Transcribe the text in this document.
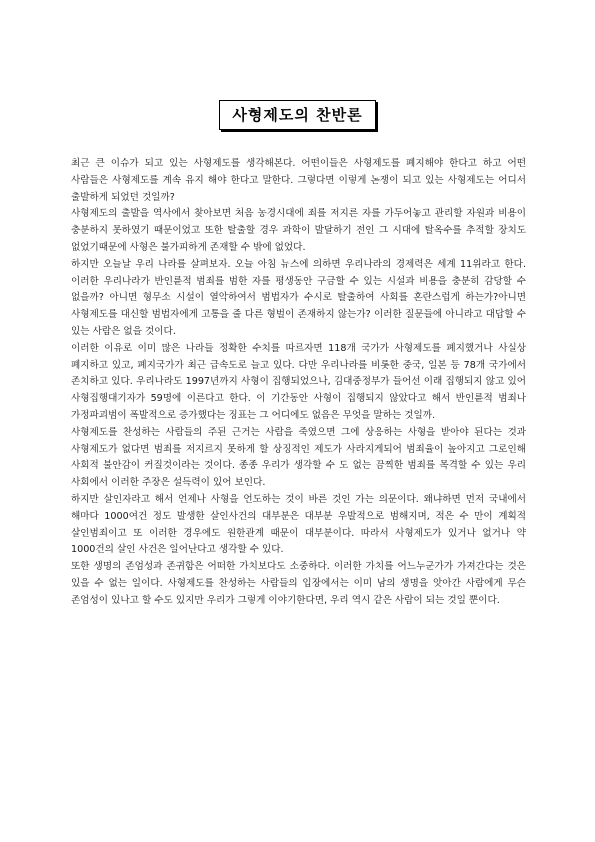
사형제도의 찬반론

최근 큰 이슈가 되고 있는 사형제도를 생각해본다. 어떤이들은 사형제도를 폐지해야 한다고 하고 어떤 사람들은 사형제도를 계속 유지 해야 한다고 말한다. 그렇다면 이렇게 논쟁이 되고 있는 사형제도는 어디서 출발하게 되었던 것일까?

사형제도의 출발을 역사에서 찾아보면 처음 농경시대에 죄를 저지른 자를 가두어놓고 관리할 자원과 비용이 충분하지 못하였기 때문이었고 또한 탈출할 경우 과학이 발달하기 전인 그 시대에 탈옥수를 추적할 장치도 없었기때문에 사형은 불가피하게 존재할 수 밖에 없었다.

하지만 오늘날 우리 나라를 살펴보자. 오늘 아침 뉴스에 의하면 우리나라의 경제력은 세계 11위라고 한다. 이러한 우리나라가 반인륜적 범죄를 범한 자를 평생동안 구금할 수 있는 시설과 비용을 충분히 감당할 수 없을까? 아니면 형무소 시설이 열악하여서 범법자가 수시로 탈출하여 사회를 혼란스럽게 하는가?아니면 사형제도를 대신할 범법자에게 고통을 줄 다른 형벌이 존재하지 않는가? 이러한 질문들에 아니라고 대답할 수 있는 사람은 없을 것이다.

이러한 이유로 이미 많은 나라들 정확한 수치를 따르자면 118개 국가가 사형제도를 폐지했거나 사실상 폐지하고 있고, 폐지국가가 최근 급속도로 늘고 있다. 다만 우리나라를 비롯한 중국, 일본 등 78개 국가에서 존치하고 있다. 우리나라도 1997년까지 사형이 집행되었으나, 김대중정부가 들어선 이래 집행되지 않고 있어 사형집행대기자가 59명에 이른다고 한다. 이 기간동안 사형이 집행되지 않았다고 해서 반인륜적 범죄나 가정파괴범이 폭발적으로 증가했다는 징표는 그 어디에도 없음은 무엇을 말하는 것일까.

사형제도를 찬성하는 사람들의 주된 근거는 사람을 죽였으면 그에 상응하는 사형을 받아야 된다는 것과 사형제도가 없다면 범죄를 저지르지 못하게 할 상징적인 제도가 사라지게되어 범죄율이 높아지고 그로인해 사회적 불안감이 커질것이라는 것이다. 종종 우리가 생각할 수 도 없는 끔찍한 범죄를 목격할 수 있는 우리 사회에서 이러한 주장은 설득력이 있어 보인다.

하지만 살인자라고 해서 언제나 사형을 언도하는 것이 바른 것인 가는 의문이다. 왜냐하면 먼저 국내에서 해마다 1000여건 정도 발생한 살인사건의 대부분은 대부분 우발적으로 범해지며, 적은 수 만이 계획적 살인범죄이고 또 이러한 경우에도 원한관계 때문이 대부분이다. 따라서 사형제도가 있거나 없거나 약 1000건의 살인 사건은 일어난다고 생각할 수 있다.

또한 생명의 존엄성과 존귀함은 어떠한 가치보다도 소중하다. 이러한 가치를 어느누군가가 가져간다는 것은 있을 수 없는 일이다. 사형제도를 찬성하는 사람들의 입장에서는 이미 남의 생명을 앗아간 사람에게 무슨 존엄성이 있나고 할 수도 있지만 우리가 그렇게 이야기한다면, 우리 역시 같은 사람이 되는 것일 뿐이다.
